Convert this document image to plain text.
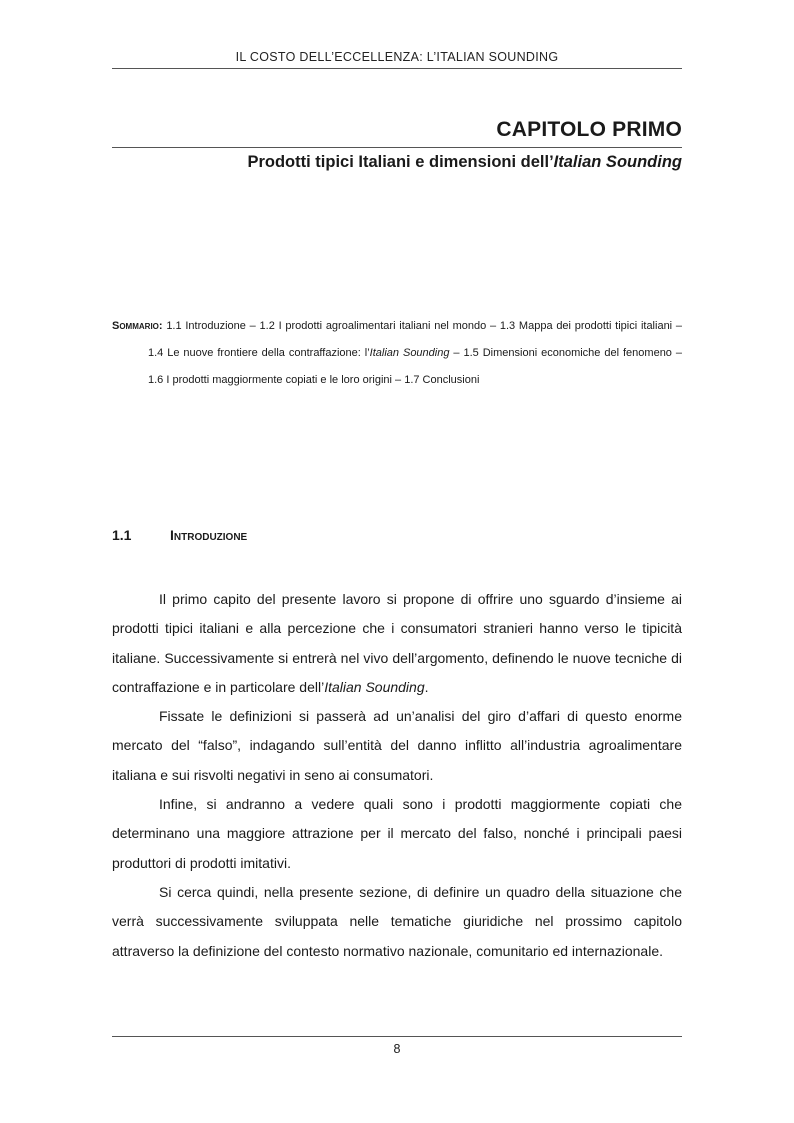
IL COSTO DELL’ECCELLENZA: L’ITALIAN SOUNDING
CAPITOLO PRIMO
Prodotti tipici Italiani e dimensioni dell’Italian Sounding

Sommario: 1.1 Introduzione – 1.2 I prodotti agroalimentari italiani nel mondo – 1.3 Mappa dei prodotti tipici italiani – 1.4 Le nuove frontiere della contraffazione: l’Italian Sounding – 1.5 Dimensioni economiche del fenomeno – 1.6 I prodotti maggiormente copiati e le loro origini – 1.7 Conclusioni

1.1	Introduzione

Il primo capito del presente lavoro si propone di offrire uno sguardo d’insieme ai prodotti tipici italiani e alla percezione che i consumatori stranieri hanno verso le tipicità italiane. Successivamente si entrerà nel vivo dell’argomento, definendo le nuove tecniche di contraffazione e in particolare dell’Italian Sounding.

Fissate le definizioni si passerà ad un’analisi del giro d’affari di questo enorme mercato del “falso”, indagando sull’entità del danno inflitto all’industria agroalimentare italiana e sui risvolti negativi in seno ai consumatori.

Infine, si andranno a vedere quali sono i prodotti maggiormente copiati che determinano una maggiore attrazione per il mercato del falso, nonché i principali paesi produttori di prodotti imitativi.

Si cerca quindi, nella presente sezione, di definire un quadro della situazione che verrà successivamente sviluppata nelle tematiche giuridiche nel prossimo capitolo attraverso la definizione del contesto normativo nazionale, comunitario ed internazionale.

8
